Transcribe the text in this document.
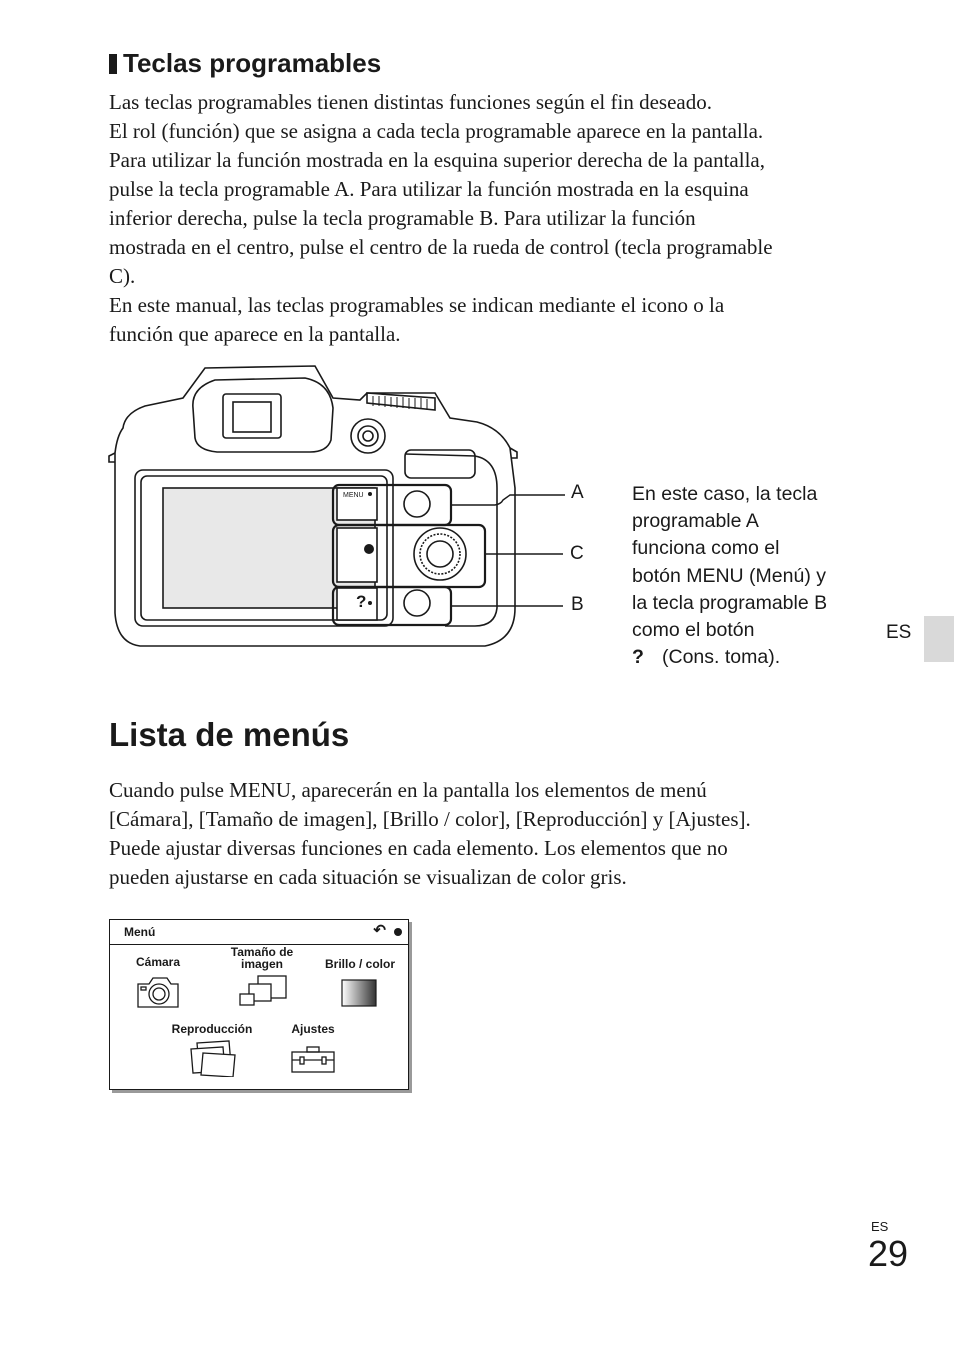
Teclas programables

Las teclas programables tienen distintas funciones según el fin deseado.
El rol (función) que se asigna a cada tecla programable aparece en la pantalla.
Para utilizar la función mostrada en la esquina superior derecha de la pantalla,
pulse la tecla programable A. Para utilizar la función mostrada en la esquina
inferior derecha, pulse la tecla programable B. Para utilizar la función
mostrada en el centro, pulse el centro de la rueda de control (tecla programable
C).
En este manual, las teclas programables se indican mediante el icono o la
función que aparece en la pantalla.

MENU
?
A
C
B

En este caso, la tecla
programable A
funciona como el
botón MENU (Menú) y
la tecla programable B
como el botón
? (Cons. toma).

ES
Lista de menús

Cuando pulse MENU, aparecerán en la pantalla los elementos de menú
[Cámara], [Tamaño de imagen], [Brillo / color], [Reproducción] y [Ajustes].
Puede ajustar diversas funciones en cada elemento. Los elementos que no
pueden ajustarse en cada situación se visualizan de color gris.

Menú	↶
Cámara
Tamaño de
imagen	Brillo / color
Reproducción	Ajustes
ES
29
